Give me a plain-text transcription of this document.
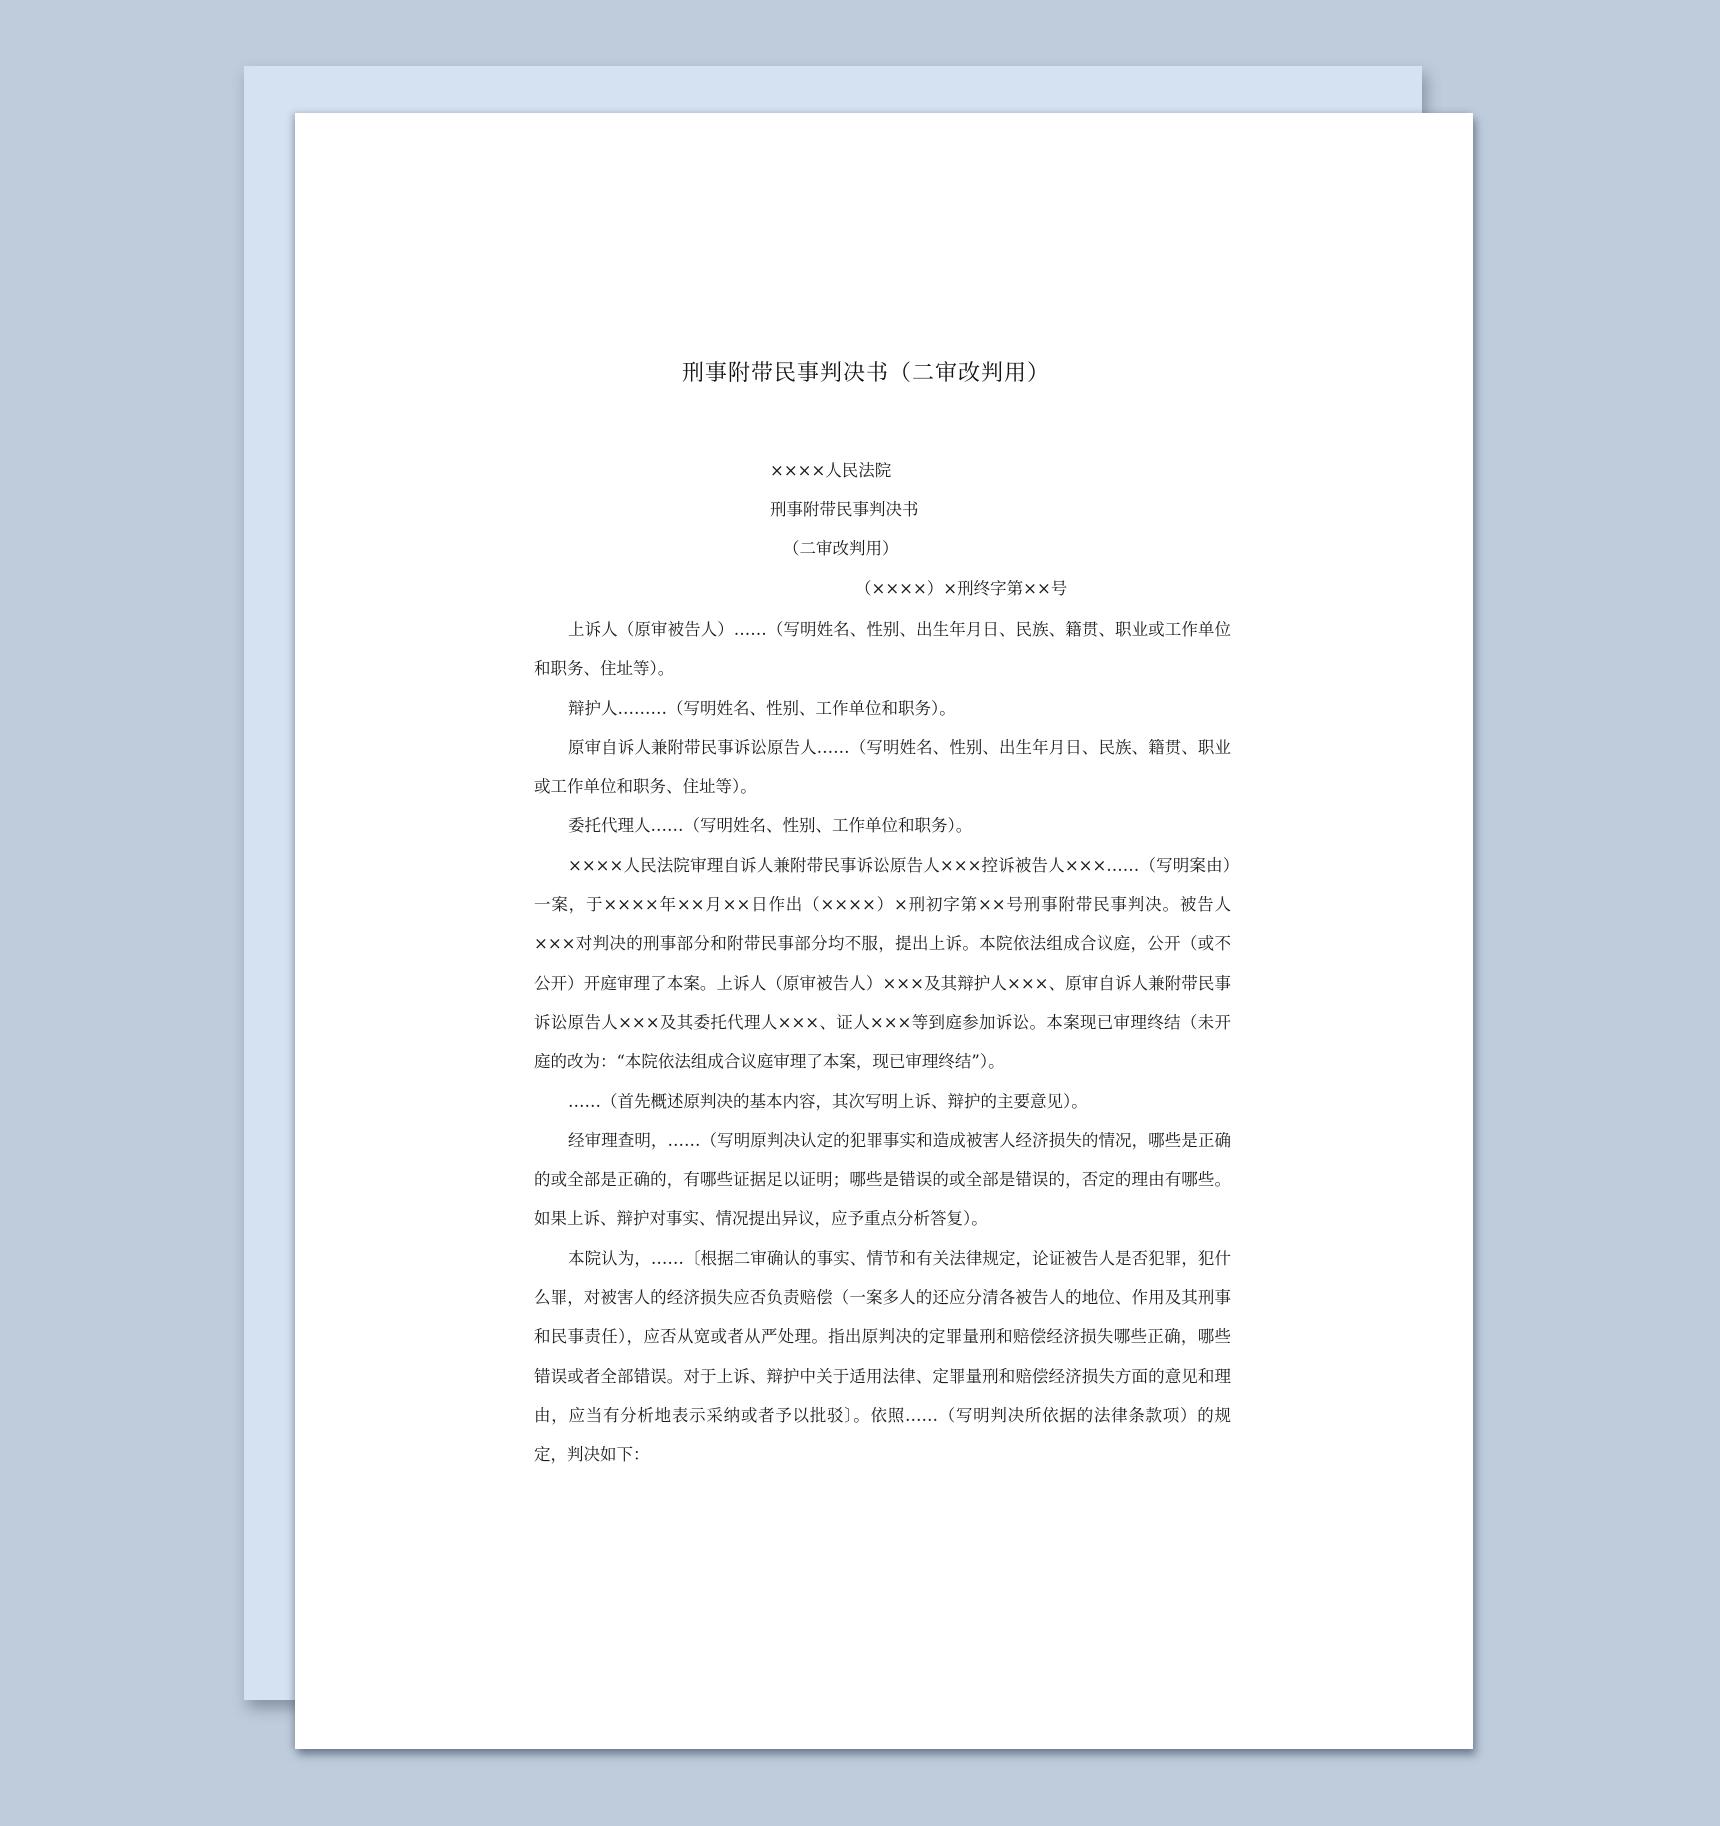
刑事附带民事判决书（二审改判用）
××××人民法院
刑事附带民事判决书
（二审改判用）
（××××）×刑终字第××号

上诉人（原审被告人）……（写明姓名、性别、出生年月日、民族、籍贯、职业或工作单位和职务、住址等）。

辩护人………（写明姓名、性别、工作单位和职务）。

原审自诉人兼附带民事诉讼原告人……（写明姓名、性别、出生年月日、民族、籍贯、职业或工作单位和职务、住址等）。

委托代理人……（写明姓名、性别、工作单位和职务）。

××××人民法院审理自诉人兼附带民事诉讼原告人×××控诉被告人×××……（写明案由）一案，于××××年××月××日作出（××××）×刑初字第××号刑事附带民事判决。被告人×××对判决的刑事部分和附带民事部分均不服，提出上诉。本院依法组成合议庭，公开（或不公开）开庭审理了本案。上诉人（原审被告人）×××及其辩护人×××、原审自诉人兼附带民事诉讼原告人×××及其委托代理人×××、证人×××等到庭参加诉讼。本案现已审理终结（未开庭的改为：“本院依法组成合议庭审理了本案，现已审理终结”）。

……（首先概述原判决的基本内容，其次写明上诉、辩护的主要意见）。

经审理查明，……（写明原判决认定的犯罪事实和造成被害人经济损失的情况，哪些是正确的或全部是正确的，有哪些证据足以证明；哪些是错误的或全部是错误的，否定的理由有哪些。如果上诉、辩护对事实、情况提出异议，应予重点分析答复）。

本院认为，……〔根据二审确认的事实、情节和有关法律规定，论证被告人是否犯罪，犯什么罪，对被害人的经济损失应否负责赔偿（一案多人的还应分清各被告人的地位、作用及其刑事和民事责任），应否从宽或者从严处理。指出原判决的定罪量刑和赔偿经济损失哪些正确，哪些错误或者全部错误。对于上诉、辩护中关于适用法律、定罪量刑和赔偿经济损失方面的意见和理由，应当有分析地表示采纳或者予以批驳〕。依照……（写明判决所依据的法律条款项）的规定，判决如下：
